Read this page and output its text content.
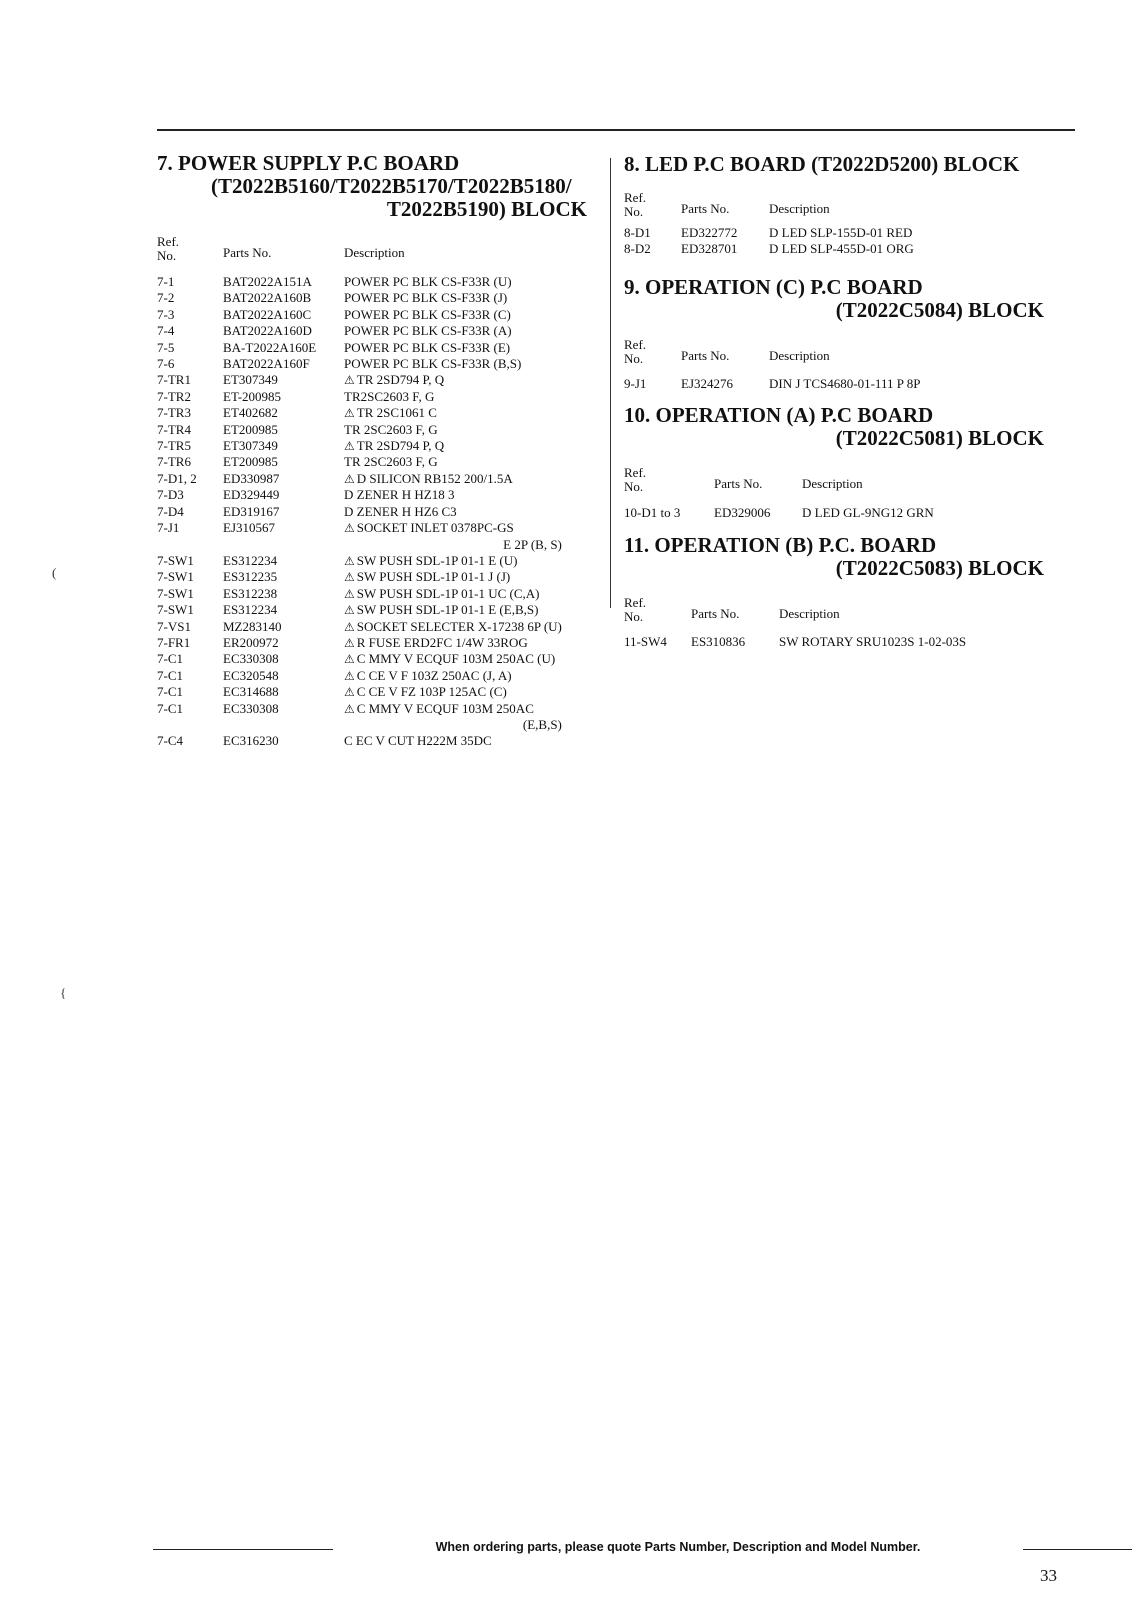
(
{
7. POWER SUPPLY P.C BOARD
(T2022B5160/T2022B5170/T2022B5180/
T2022B5190) BLOCK
Ref.
No.	Parts No.	Description
7-1	BAT2022A151A	POWER PC BLK CS-F33R (U)
7-2	BAT2022A160B	POWER PC BLK CS-F33R (J)
7-3	BAT2022A160C	POWER PC BLK CS-F33R (C)
7-4	BAT2022A160D	POWER PC BLK CS-F33R (A)
7-5	BA-T2022A160E	POWER PC BLK CS-F33R (E)
7-6	BAT2022A160F	POWER PC BLK CS-F33R (B,S)
7-TR1	ET307349	⚠ TR 2SD794 P, Q
7-TR2	ET-200985	TR2SC2603 F, G
7-TR3	ET402682	⚠ TR 2SC1061 C
7-TR4	ET200985	TR 2SC2603 F, G
7-TR5	ET307349	⚠ TR 2SD794 P, Q
7-TR6	ET200985	TR 2SC2603 F, G
7-D1, 2	ED330987	⚠ D SILICON RB152 200/1.5A
7-D3	ED329449	D ZENER H HZ18 3
7-D4	ED319167	D ZENER H HZ6 C3
7-J1	EJ310567	⚠ SOCKET INLET 0378PC-GS
		E 2P (B, S)
7-SW1	ES312234	⚠ SW PUSH SDL-1P 01-1 E (U)
7-SW1	ES312235	⚠ SW PUSH SDL-1P 01-1 J (J)
7-SW1	ES312238	⚠ SW PUSH SDL-1P 01-1 UC (C,A)
7-SW1	ES312234	⚠ SW PUSH SDL-1P 01-1 E (E,B,S)
7-VS1	MZ283140	⚠ SOCKET SELECTER X-17238 6P (U)
7-FR1	ER200972	⚠ R FUSE ERD2FC 1/4W 33ROG
7-C1	EC330308	⚠ C MMY V ECQUF 103M 250AC (U)
7-C1	EC320548	⚠ C CE V F 103Z 250AC (J, A)
7-C1	EC314688	⚠ C CE V FZ 103P 125AC (C)
7-C1	EC330308	⚠ C MMY V ECQUF 103M 250AC
		(E,B,S)
7-C4	EC316230	C EC V CUT H222M 35DC
8. LED P.C BOARD (T2022D5200) BLOCK
Ref.
No.	Parts No.	Description
8-D1	ED322772	D LED SLP-155D-01 RED
8-D2	ED328701	D LED SLP-455D-01 ORG
9. OPERATION (C) P.C BOARD
(T2022C5084) BLOCK
Ref.
No.	Parts No.	Description
9-J1	EJ324276	DIN J TCS4680-01-111 P 8P
10. OPERATION (A) P.C BOARD
(T2022C5081) BLOCK
Ref.
No.	Parts No.	Description
10-D1 to 3	ED329006	D LED GL-9NG12 GRN
11. OPERATION (B) P.C. BOARD
(T2022C5083) BLOCK
Ref.
No.	Parts No.	Description
11-SW4	ES310836	SW ROTARY SRU1023S 1-02-03S
When ordering parts, please quote Parts Number, Description and Model Number.
33
